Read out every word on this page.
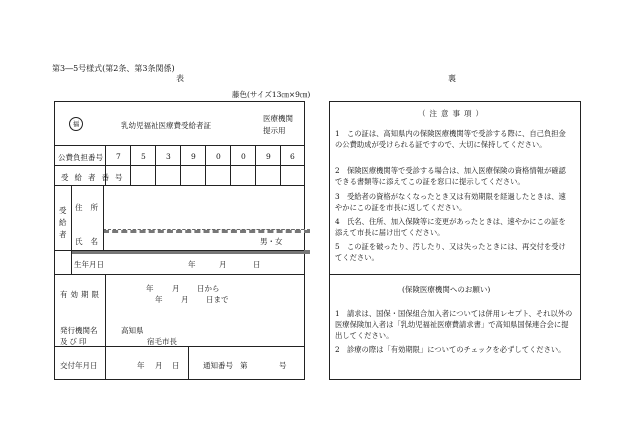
第3―5号様式(第2条、第3条関係)
表	裏
藤色(サイズ13㎝×9㎝)
福	乳幼児福祉医療費受給者証
医療機関
提示用
公費負担番号 7	5	3	9	0	0	9	6
受給者番号
受給者
住所
氏名	男・女
生年月日	年	月	日
有効期限
年 月 日から
年 月 日まで
発行機関名
及び印
高知県
宿毛市長
交付年月日	年 月 日	通知番号 第	号
（注意事項）
1　この証は、高知県内の保険医療機関等で受診する際に、自己負担金の公費助成が受けられる証ですので、大切に保持してください。
2　保険医療機関等で受診する場合は、加入医療保険の資格情報が確認できる書類等に添えてこの証を窓口に提示してください。
3　受給者の資格がなくなったとき又は有効期限を経過したときは、速やかにこの証を市長に返してください。
4　氏名、住所、加入保険等に変更があったときは、速やかにこの証を添えて市長に届け出てください。
5　この証を破ったり、汚したり、又は失ったときには、再交付を受けてください。
(保険医療機関へのお願い)
1　請求は、国保・国保組合加入者については併用レセプト、それ以外の医療保険加入者は「乳幼児福祉医療費請求書」で高知県国保連合会に提出してください。
2　診療の際は「有効期限」についてのチェックを必ずしてください。
